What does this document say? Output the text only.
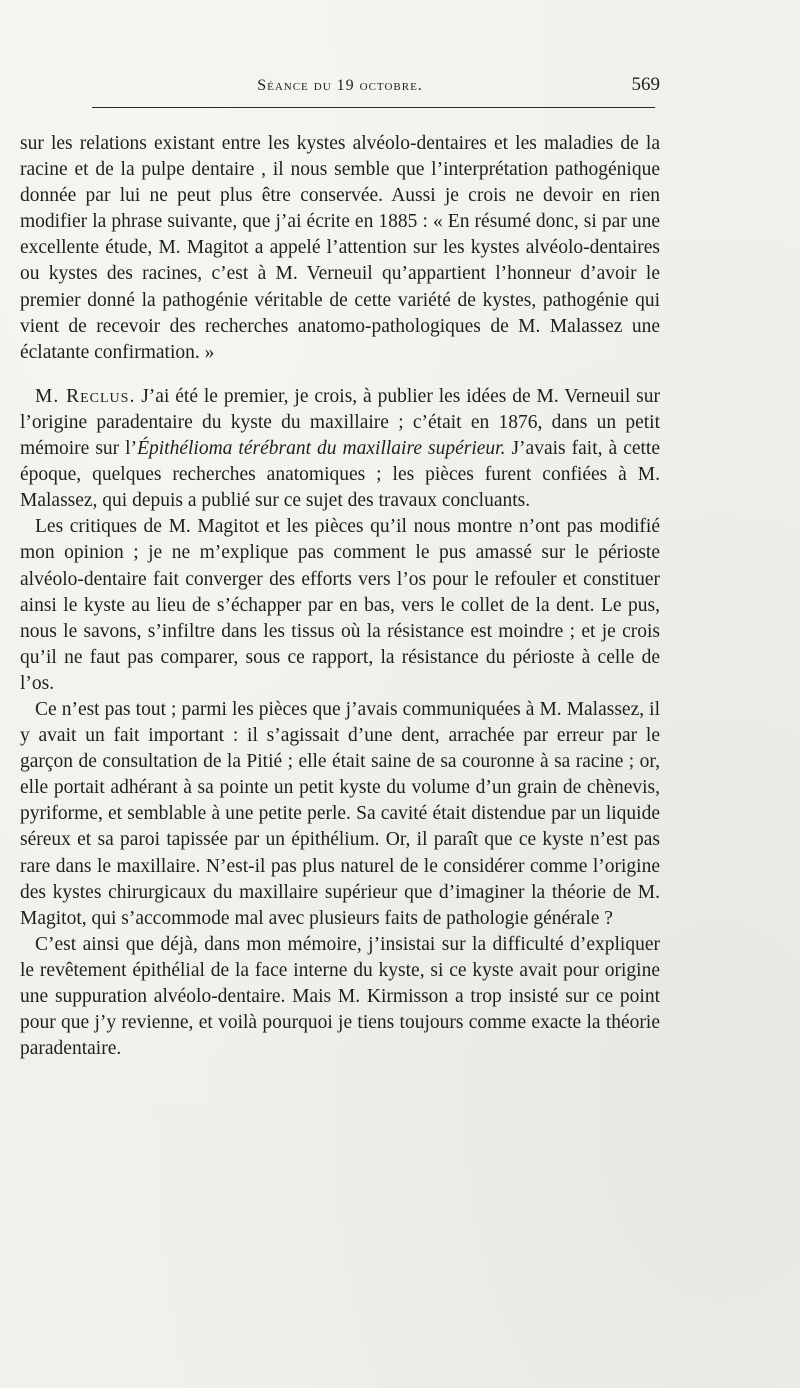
Séance du 19 octobre.	569

sur les relations existant entre les kystes alvéolo-dentaires et les maladies de la racine et de la pulpe dentaire , il nous semble que l’interprétation pathogénique donnée par lui ne peut plus être conservée. Aussi je crois ne devoir en rien modifier la phrase suivante, que j’ai écrite en 1885 : « En résumé donc, si par une excellente étude, M. Magitot a appelé l’attention sur les kystes alvéolo-dentaires ou kystes des racines, c’est à M. Verneuil qu’appartient l’honneur d’avoir le premier donné la pathogénie véritable de cette variété de kystes, pathogénie qui vient de recevoir des recherches anatomo-pathologiques de M. Malassez une éclatante confirmation. »

M. Reclus. J’ai été le premier, je crois, à publier les idées de M. Verneuil sur l’origine paradentaire du kyste du maxillaire ; c’était en 1876, dans un petit mémoire sur l’Épithélioma térébrant du maxillaire supérieur. J’avais fait, à cette époque, quelques recherches anatomiques ; les pièces furent confiées à M. Malassez, qui depuis a publié sur ce sujet des travaux concluants.

Les critiques de M. Magitot et les pièces qu’il nous montre n’ont pas modifié mon opinion ; je ne m’explique pas comment le pus amassé sur le périoste alvéolo-dentaire fait converger des efforts vers l’os pour le refouler et constituer ainsi le kyste au lieu de s’échapper par en bas, vers le collet de la dent. Le pus, nous le savons, s’infiltre dans les tissus où la résistance est moindre ; et je crois qu’il ne faut pas comparer, sous ce rapport, la résistance du périoste à celle de l’os.

Ce n’est pas tout ; parmi les pièces que j’avais communiquées à M. Malassez, il y avait un fait important : il s’agissait d’une dent, arrachée par erreur par le garçon de consultation de la Pitié ; elle était saine de sa couronne à sa racine ; or, elle portait adhérant à sa pointe un petit kyste du volume d’un grain de chènevis, pyriforme, et semblable à une petite perle. Sa cavité était distendue par un liquide séreux et sa paroi tapissée par un épithélium. Or, il paraît que ce kyste n’est pas rare dans le maxillaire. N’est-il pas plus naturel de le considérer comme l’origine des kystes chirurgicaux du maxillaire supérieur que d’imaginer la théorie de M. Magitot, qui s’accommode mal avec plusieurs faits de pathologie générale ?

C’est ainsi que déjà, dans mon mémoire, j’insistai sur la difficulté d’expliquer le revêtement épithélial de la face interne du kyste, si ce kyste avait pour origine une suppuration alvéolo-dentaire. Mais M. Kirmisson a trop insisté sur ce point pour que j’y revienne, et voilà pourquoi je tiens toujours comme exacte la théorie paradentaire.
